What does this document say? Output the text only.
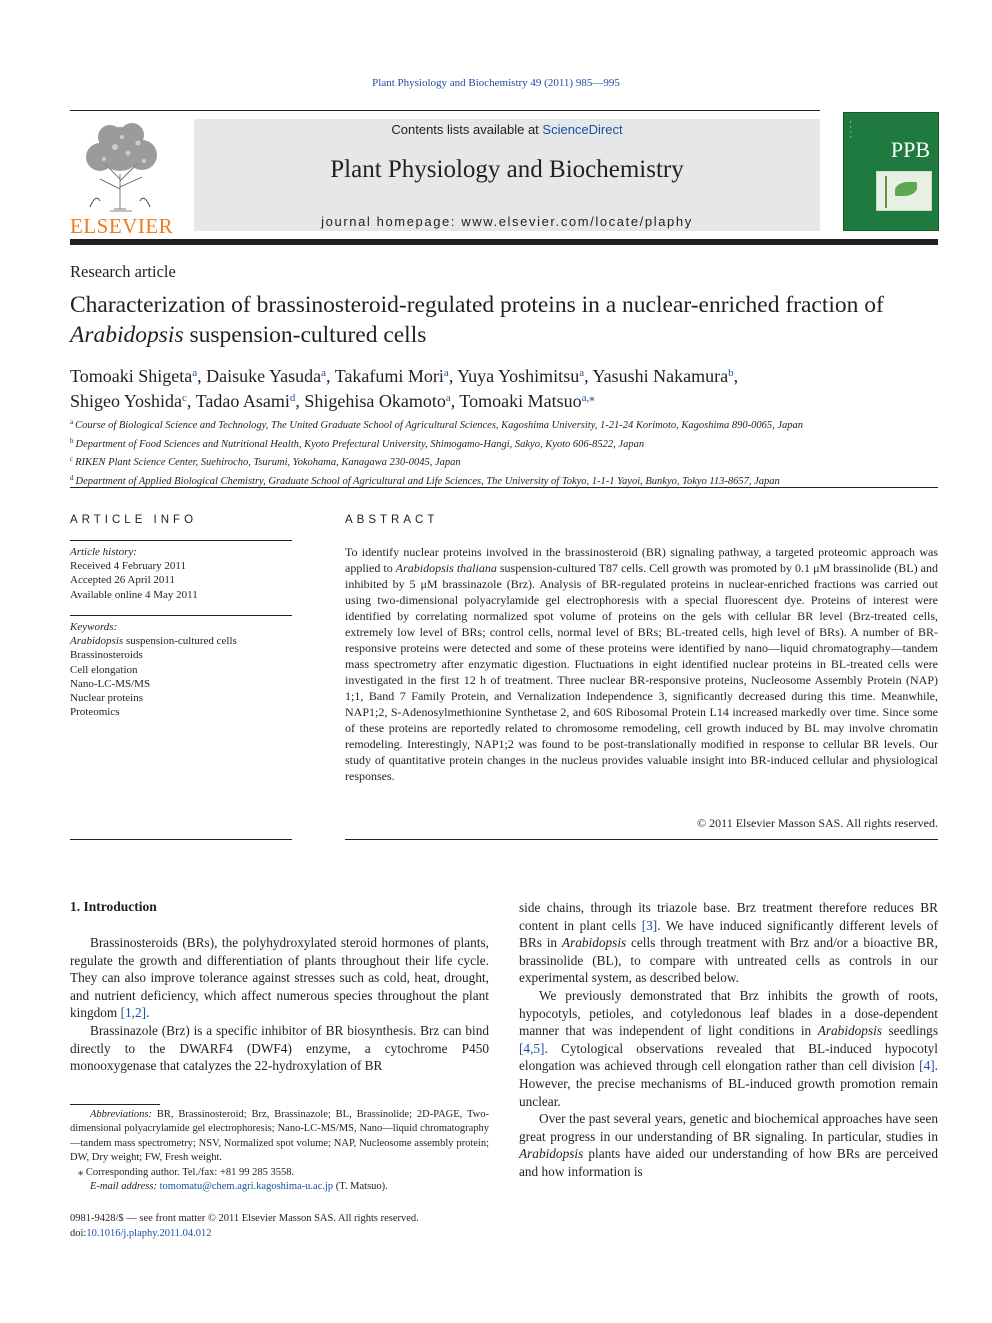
Plant Physiology and Biochemistry 49 (2011) 985—995
ELSEVIER
Contents lists available at ScienceDirect
Plant Physiology and Biochemistry
journal homepage: www.elsevier.com/locate/plaphy
▪
▪
▪
▪
PPB
Research article
Characterization of brassinosteroid-regulated proteins in a nuclear-enriched fraction of Arabidopsis suspension-cultured cells
Tomoaki Shigeta$^a$, Daisuke Yasuda$^a$, Takafumi Mori$^a$, Yuya Yoshimitsu$^a$, Yasushi Nakamura$^b$,
Shigeo Yoshida$^c$, Tadao Asami$^d$, Shigehisa Okamoto$^a$, Tomoaki Matsuo$^{a,⁎}$
$^a$ Course of Biological Science and Technology, The United Graduate School of Agricultural Sciences, Kagoshima University, 1-21-24 Korimoto, Kagoshima 890-0065, Japan
$^b$ Department of Food Sciences and Nutritional Health, Kyoto Prefectural University, Shimogamo-Hangi, Sakyo, Kyoto 606-8522, Japan
$^c$ RIKEN Plant Science Center, Suehirocho, Tsurumi, Yokohama, Kanagawa 230-0045, Japan
$^d$ Department of Applied Biological Chemistry, Graduate School of Agricultural and Life Sciences, The University of Tokyo, 1-1-1 Yayoi, Bunkyo, Tokyo 113-8657, Japan
ARTICLE INFO
Article history:
Received 4 February 2011
Accepted 26 April 2011
Available online 4 May 2011
Keywords:
Arabidopsis suspension-cultured cells
Brassinosteroids
Cell elongation
Nano-LC-MS/MS
Nuclear proteins
Proteomics
ABSTRACT
To identify nuclear proteins involved in the brassinosteroid (BR) signaling pathway, a targeted proteomic approach was applied to Arabidopsis thaliana suspension-cultured T87 cells. Cell growth was promoted by 0.1 μM brassinolide (BL) and inhibited by 5 μM brassinazole (Brz). Analysis of BR-regulated proteins in nuclear-enriched fractions was carried out using two-dimensional polyacrylamide gel electrophoresis with a special fluorescent dye. Proteins of interest were identified by correlating normalized spot volume of proteins on the gels with cellular BR level (Brz-treated cells, extremely low level of BRs; control cells, normal level of BRs; BL-treated cells, high level of BRs). A number of BR-responsive proteins were detected and some of these proteins were identified by nano—liquid chromatography—tandem mass spectrometry after enzymatic digestion. Fluctuations in eight identified nuclear proteins in BL-treated cells were investigated in the first 12 h of treatment. Three nuclear BR-responsive proteins, Nucleosome Assembly Protein (NAP) 1;1, Band 7 Family Protein, and Vernalization Independence 3, significantly decreased during this time. Meanwhile, NAP1;2, S-Adenosylmethionine Synthetase 2, and 60S Ribosomal Protein L14 increased markedly over time. Since some of these proteins are reportedly related to chromosome remodeling, cell growth induced by BL may involve chromatin remodeling. Interestingly, NAP1;2 was found to be post-translationally modified in response to cellular BR levels. Our study of quantitative protein changes in the nucleus provides valuable insight into BR-induced cellular and physiological responses.
© 2011 Elsevier Masson SAS. All rights reserved.
1. Introduction

Brassinosteroids (BRs), the polyhydroxylated steroid hormones of plants, regulate the growth and differentiation of plants throughout their life cycle. They can also improve tolerance against stresses such as cold, heat, drought, and nutrient deficiency, which affect numerous species throughout the plant kingdom [1,2].

Brassinazole (Brz) is a specific inhibitor of BR biosynthesis. Brz can bind directly to the DWARF4 (DWF4) enzyme, a cytochrome P450 monooxygenase that catalyzes the 22-hydroxylation of BR

side chains, through its triazole base. Brz treatment therefore reduces BR content in plant cells [3]. We have induced significantly different levels of BRs in Arabidopsis cells through treatment with Brz and/or a bioactive BR, brassinolide (BL), to compare with untreated cells as controls in our experimental system, as described below.

We previously demonstrated that Brz inhibits the growth of roots, hypocotyls, petioles, and cotyledonous leaf blades in a dose-dependent manner that was independent of light conditions in Arabidopsis seedlings [4,5]. Cytological observations revealed that BL-induced hypocotyl elongation was achieved through cell elongation rather than cell division [4]. However, the precise mechanisms of BL-induced growth promotion remain unclear.

Over the past several years, genetic and biochemical approaches have seen great progress in our understanding of BR signaling. In particular, studies in Arabidopsis plants have aided our understanding of how BRs are perceived and how information is

Abbreviations: BR, Brassinosteroid; Brz, Brassinazole; BL, Brassinolide; 2D-PAGE, Two-dimensional polyacrylamide gel electrophoresis; Nano-LC-MS/MS, Nano—liquid chromatography—tandem mass spectrometry; NSV, Normalized spot volume; NAP, Nucleosome assembly protein; DW, Dry weight; FW, Fresh weight.
⁎ Corresponding author. Tel./fax: +81 99 285 3558.
E-mail address: tomomatu@chem.agri.kagoshima-u.ac.jp (T. Matsuo).
0981-9428/$ — see front matter © 2011 Elsevier Masson SAS. All rights reserved.
doi:10.1016/j.plaphy.2011.04.012
